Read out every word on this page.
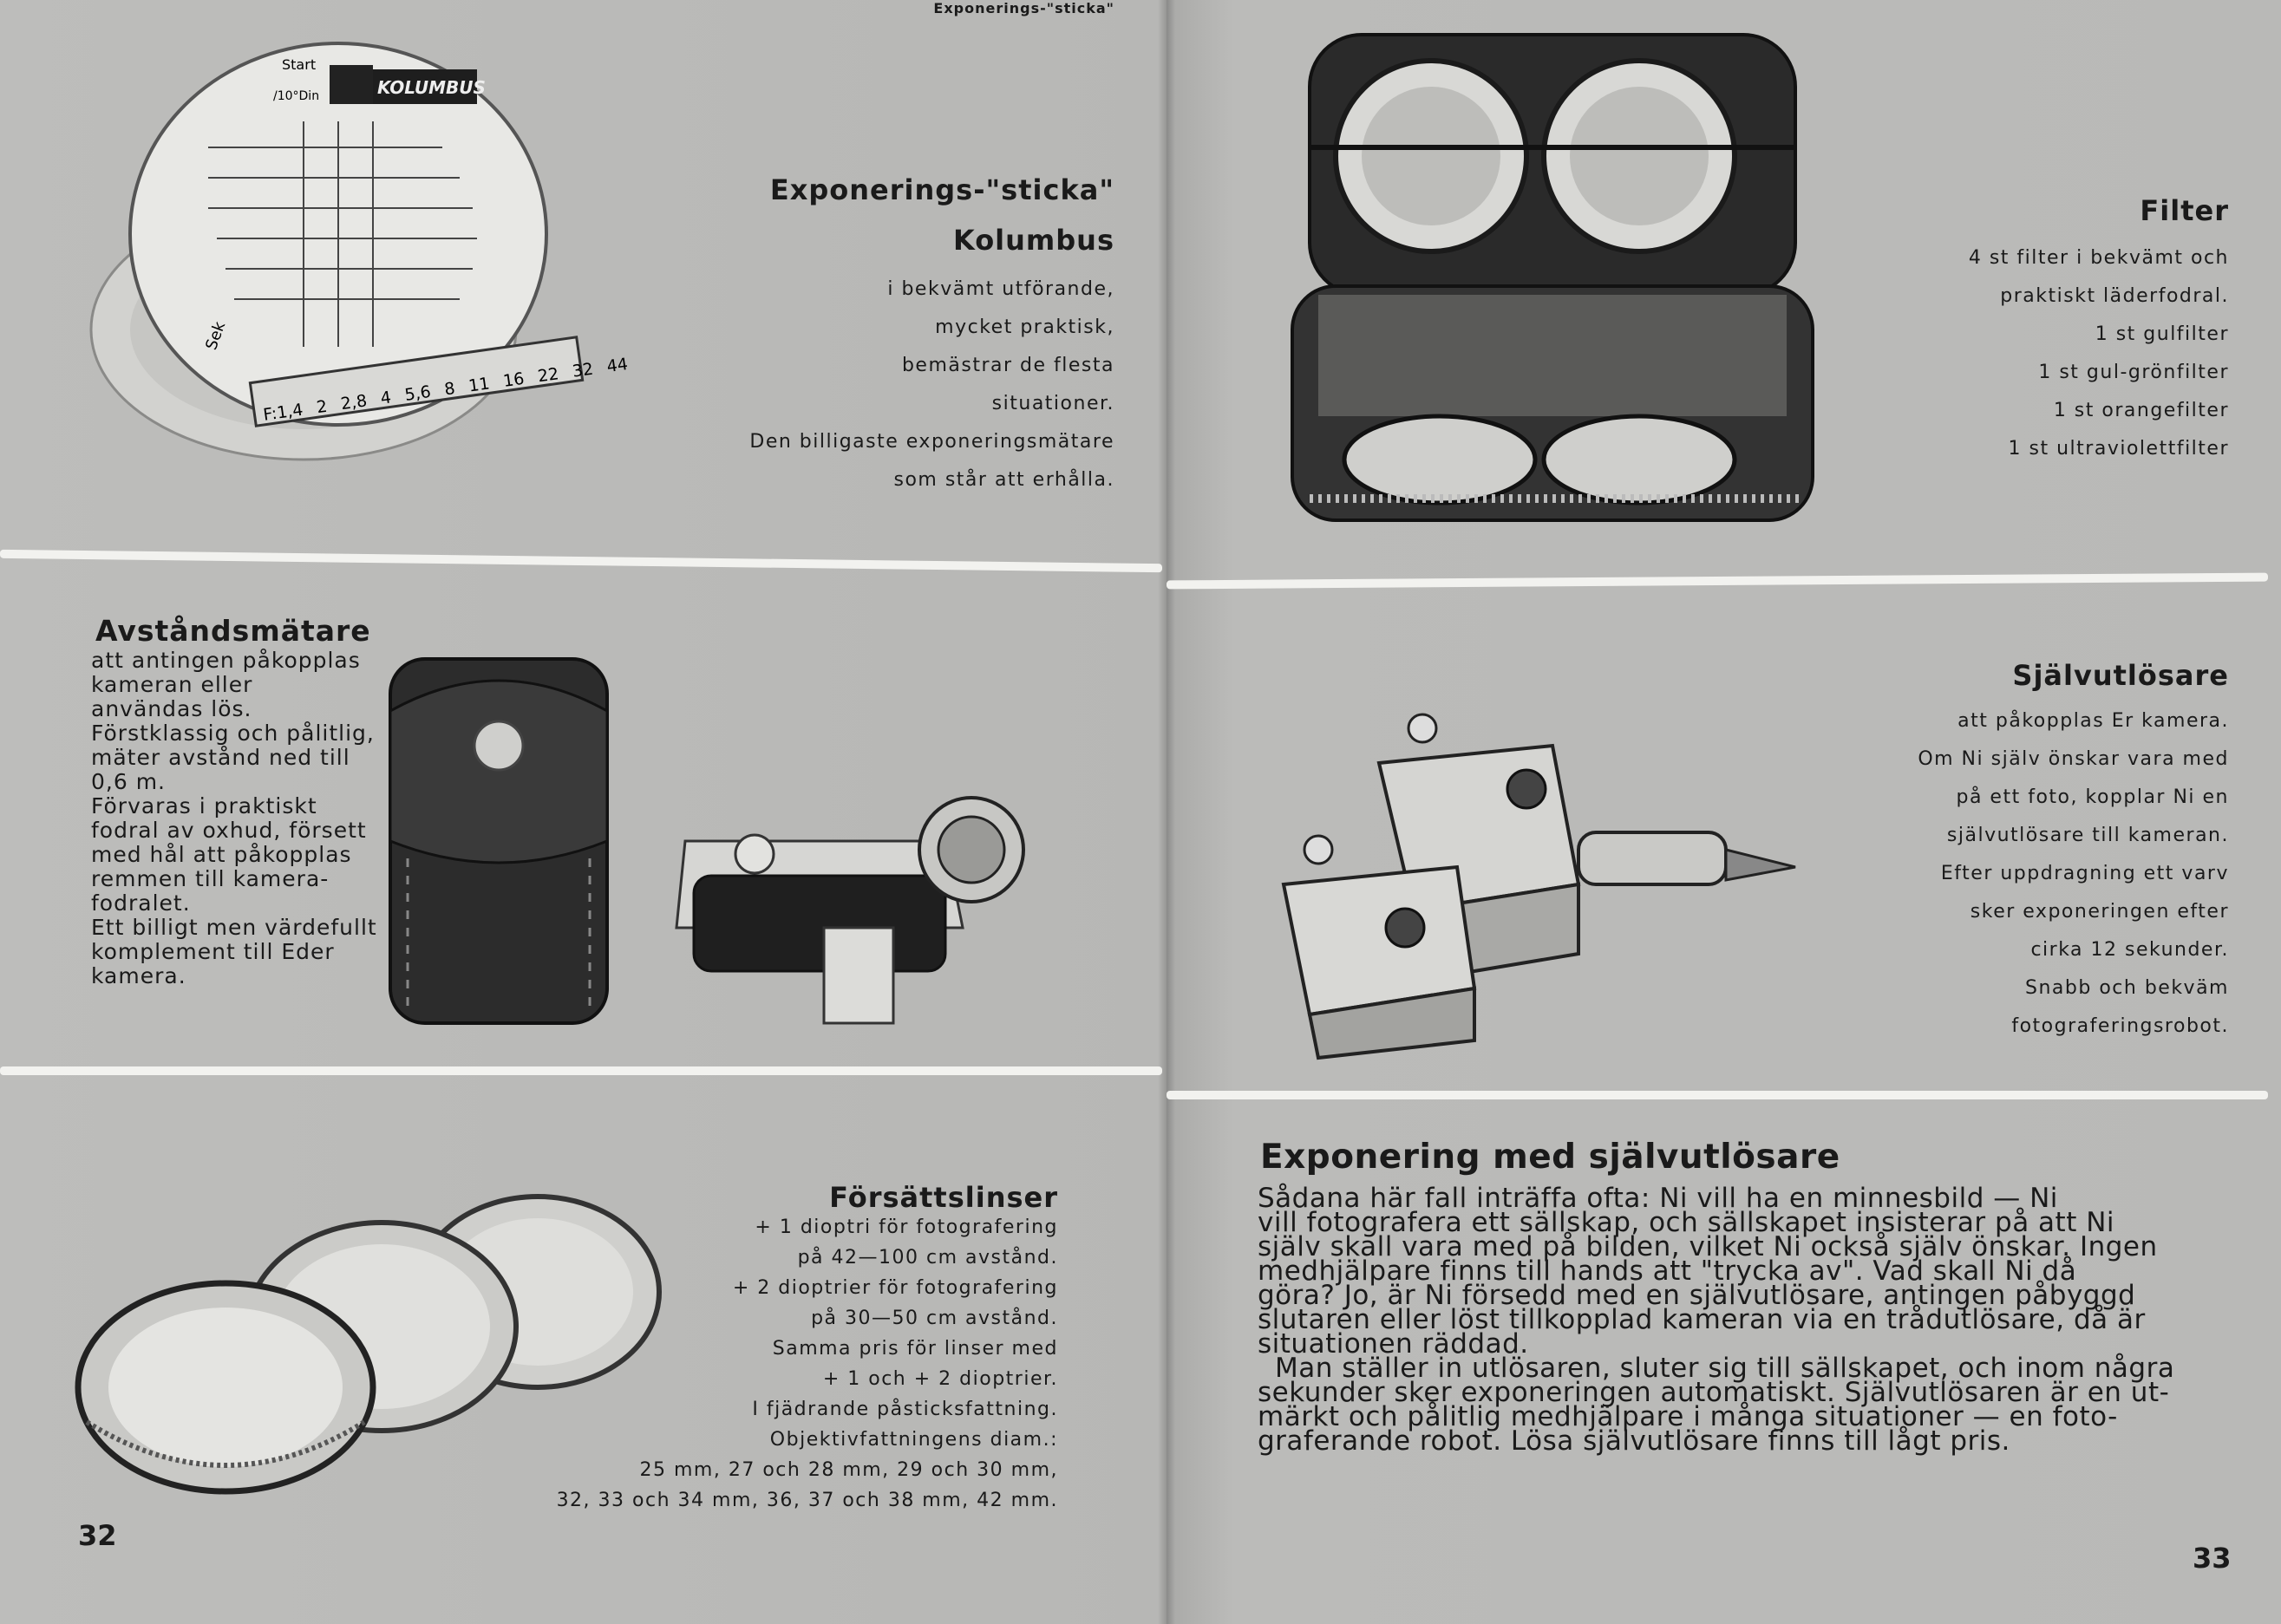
KOLUMBUS
Start
/10°Din
Sek
F:1,4 2 2,8 4 5,6 8 11 16 22 32 44
Exponerings-"sticka"
Exponerings-"sticka"
Kolumbus
i bekvämt utförande,
mycket praktisk,
bemästrar de flesta
situationer.
Den billigaste exponeringsmätare
som står att erhålla.
Avståndsmätare
att antingen påkopplas
kameran eller
användas lös.
Förstklassig och pålitlig,
mäter avstånd ned till
0,6 m.
Förvaras i praktiskt
fodral av oxhud, försett
med hål att påkopplas
remmen till kamera-
fodralet.
Ett billigt men värdefullt
komplement till Eder
kamera.
Försättslinser
+ 1 dioptri för fotografering
på 42—100 cm avstånd.
+ 2 dioptrier för fotografering
på 30—50 cm avstånd.
Samma pris för linser med
+ 1 och + 2 dioptrier.
I fjädrande påsticksfattning.
Objektivfattningens diam.:
25 mm, 27 och 28 mm, 29 och 30 mm,
32, 33 och 34 mm, 36, 37 och 38 mm, 42 mm.
32
Filter
4 st filter i bekvämt och
praktiskt läderfodral.
1 st gulfilter
1 st gul-grönfilter
1 st orangefilter
1 st ultraviolettfilter
Självutlösare
att påkopplas Er kamera.
Om Ni själv önskar vara med
på ett foto, kopplar Ni en
självutlösare till kameran.
Efter uppdragning ett varv
sker exponeringen efter
cirka 12 sekunder.
Snabb och bekväm
fotograferingsrobot.
Exponering med självutlösare
Sådana här fall inträffa ofta: Ni vill ha en minnesbild — Ni
vill fotografera ett sällskap, och sällskapet insisterar på att Ni
själv skall vara med på bilden, vilket Ni också själv önskar. Ingen
medhjälpare finns till hands att "trycka av". Vad skall Ni då
göra? Jo, är Ni försedd med en självutlösare, antingen påbyggd
slutaren eller löst tillkopplad kameran via en trådutlösare, då är
situationen räddad.
Man ställer in utlösaren, sluter sig till sällskapet, och inom några
sekunder sker exponeringen automatiskt. Självutlösaren är en ut-
märkt och pålitlig medhjälpare i många situationer — en foto-
graferande robot. Lösa självutlösare finns till lågt pris.
33
